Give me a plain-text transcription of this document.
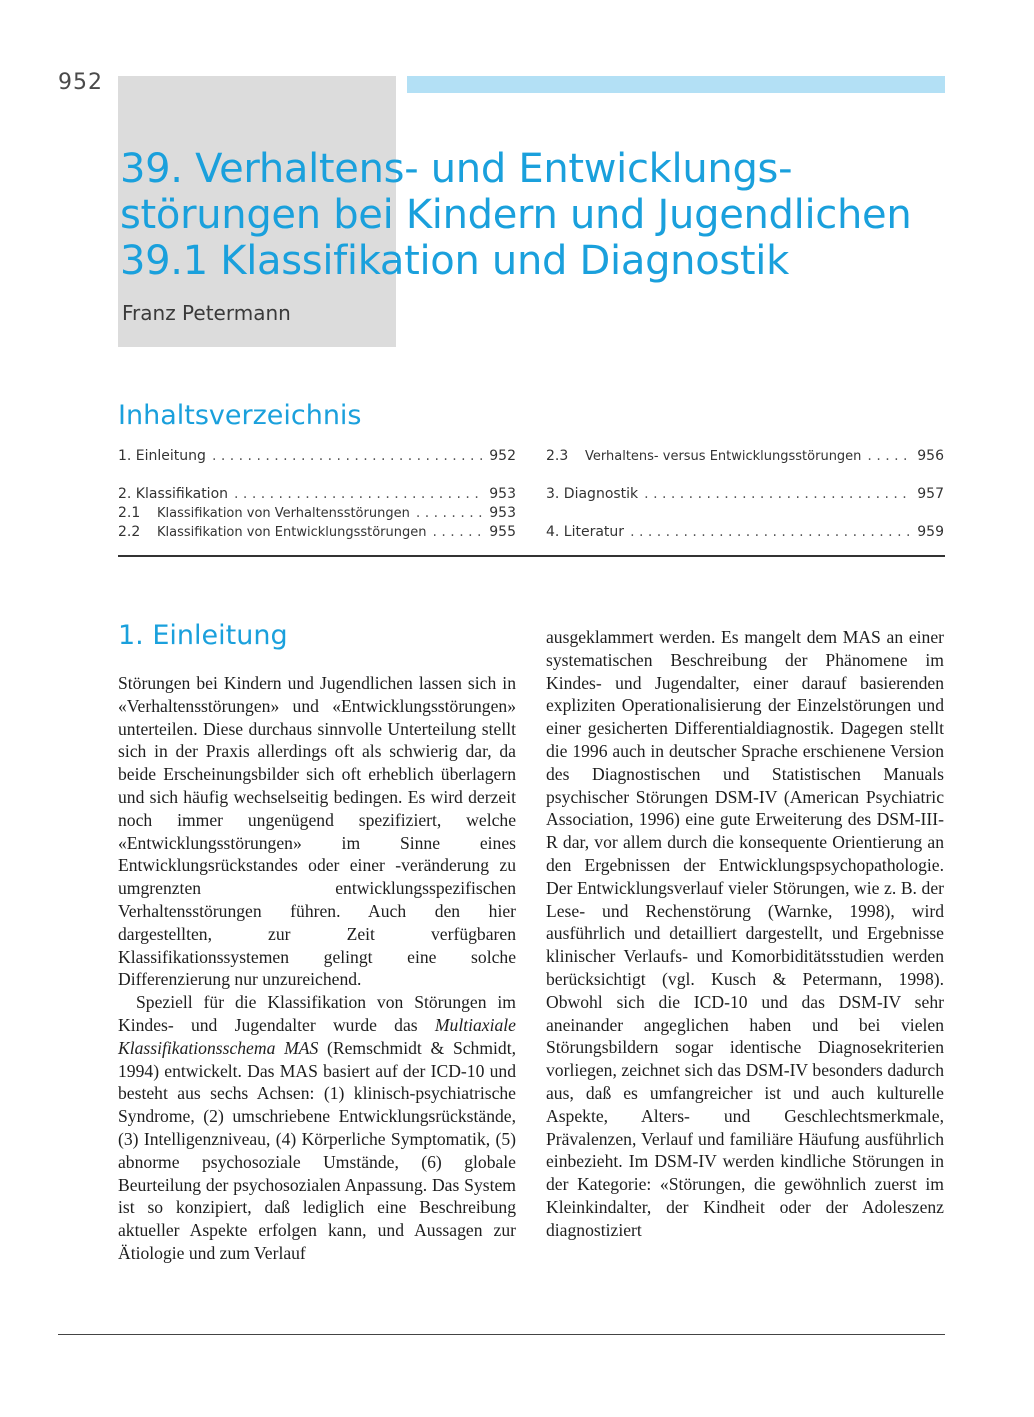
952
39. Verhaltens- und Entwicklungs-
störungen bei Kindern und Jugendlichen
39.1 Klassifikation und Diagnostik
Franz Petermann
Inhaltsverzeichnis
1. Einleitung . . .	952
2. Klassifikation . . .	953
2.1	Klassifikation von Verhaltensstörungen . . .	953
2.2	Klassifikation von Entwicklungsstörungen . . .	955
2.3	Verhaltens- versus Entwicklungsstörungen . . .	956
3. Diagnostik . . .	957
4. Literatur . . .	959
1. Einleitung

Störungen bei Kindern und Jugendlichen lassen sich in «Verhaltensstörungen» und «Entwicklungsstörungen» unterteilen. Diese durchaus sinnvolle Unterteilung stellt sich in der Praxis allerdings oft als schwierig dar, da beide Erscheinungsbilder sich oft erheblich überlagern und sich häufig wechselseitig bedingen. Es wird derzeit noch immer ungenügend spezifiziert, welche «Entwicklungsstörungen» im Sinne eines Entwicklungsrückstandes oder einer -veränderung zu umgrenzten entwicklungsspezifischen Verhaltensstörungen führen. Auch den hier dargestellten, zur Zeit verfügbaren Klassifikationssystemen gelingt eine solche Differenzierung nur unzureichend.

Speziell für die Klassifikation von Störungen im Kindes- und Jugendalter wurde das Multiaxiale Klassifikationsschema MAS (Remschmidt & Schmidt, 1994) entwickelt. Das MAS basiert auf der ICD-10 und besteht aus sechs Achsen: (1) klinisch-psychiatrische Syndrome, (2) umschriebene Entwicklungsrückstände, (3) Intelligenzniveau, (4) Körperliche Symptomatik, (5) abnorme psychosoziale Umstände, (6) globale Beurteilung der psychosozialen Anpassung. Das System ist so konzipiert, daß lediglich eine Beschreibung aktueller Aspekte erfolgen kann, und Aussagen zur Ätiologie und zum Verlauf

ausgeklammert werden. Es mangelt dem MAS an einer systematischen Beschreibung der Phänomene im Kindes- und Jugendalter, einer darauf basierenden expliziten Operationalisierung der Einzelstörungen und einer gesicherten Differentialdiagnostik. Dagegen stellt die 1996 auch in deutscher Sprache erschienene Version des Diagnostischen und Statistischen Manuals psychischer Störungen DSM-IV (American Psychiatric Association, 1996) eine gute Erweiterung des DSM-III-R dar, vor allem durch die konsequente Orientierung an den Ergebnissen der Entwicklungspsychopathologie. Der Entwicklungsverlauf vieler Störungen, wie z. B. der Lese- und Rechenstörung (Warnke, 1998), wird ausführlich und detailliert dargestellt, und Ergebnisse klinischer Verlaufs- und Komorbiditätsstudien werden berücksichtigt (vgl. Kusch & Petermann, 1998). Obwohl sich die ICD-10 und das DSM-IV sehr aneinander angeglichen haben und bei vielen Störungsbildern sogar identische Diagnosekriterien vorliegen, zeichnet sich das DSM-IV besonders dadurch aus, daß es umfangreicher ist und auch kulturelle Aspekte, Alters- und Geschlechtsmerkmale, Prävalenzen, Verlauf und familiäre Häufung ausführlich einbezieht. Im DSM-IV werden kindliche Störungen in der Kategorie: «Störungen, die gewöhnlich zuerst im Kleinkindalter, der Kindheit oder der Adoleszenz diagnostiziert
